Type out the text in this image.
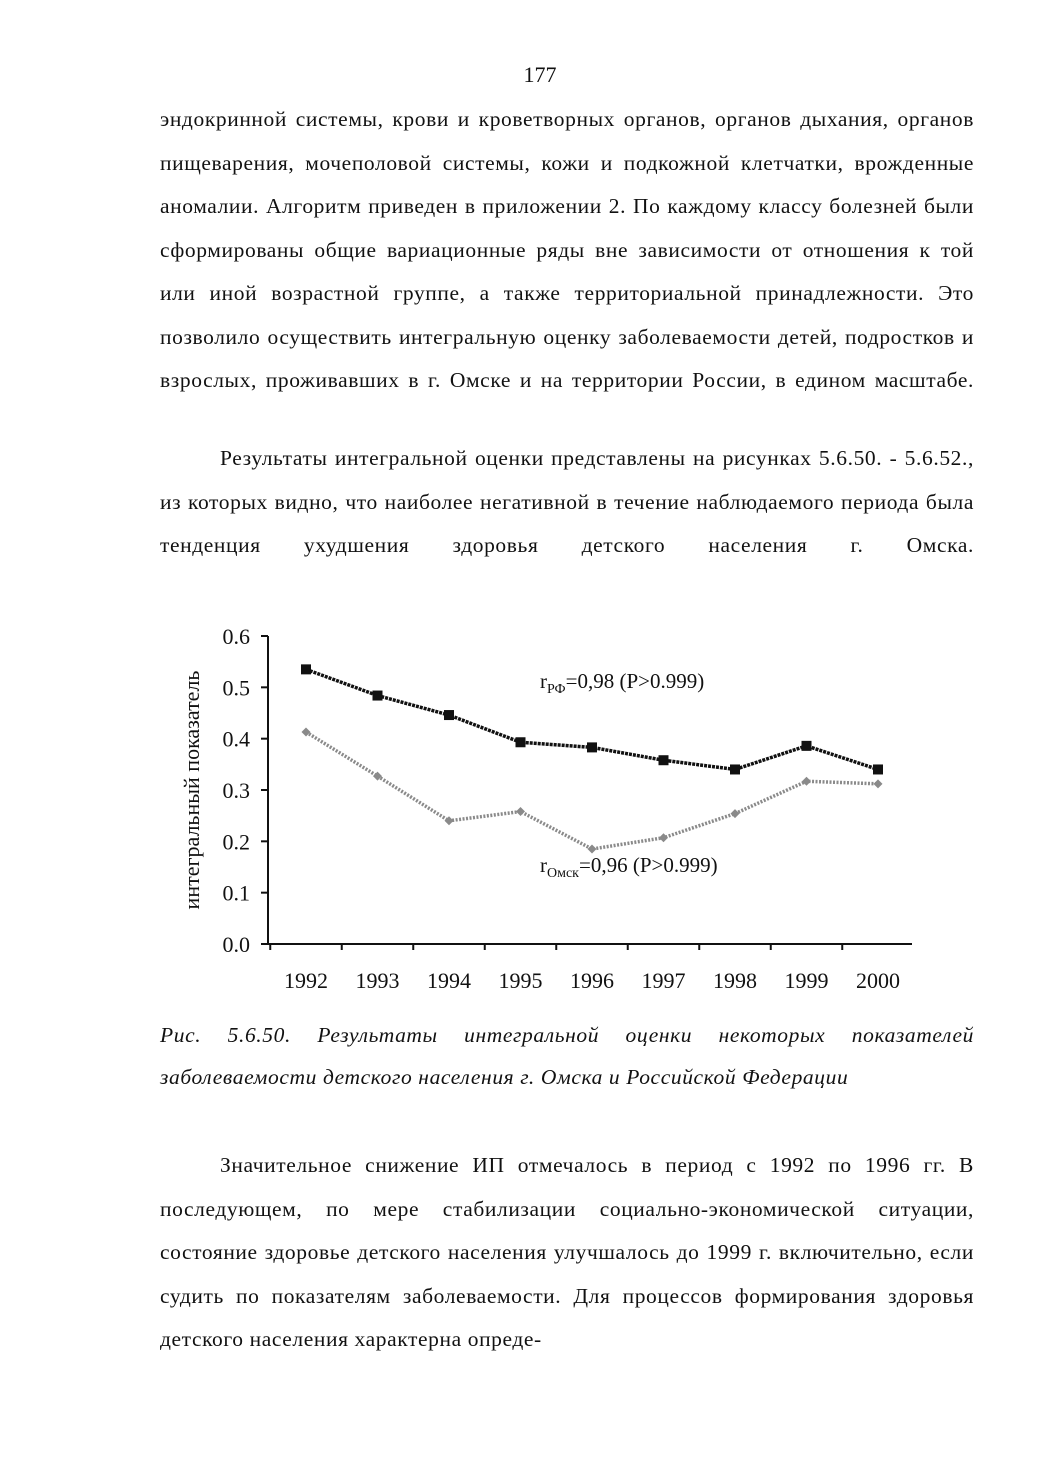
177

эндокринной системы, крови и кроветворных органов, органов дыхания, органов пищеварения, мочеполовой системы, кожи и подкожной клетчатки, врожденные аномалии. Алгоритм приведен в приложении 2. По каждому классу болезней были сформированы общие вариационные ряды вне зависимости от отношения к той или иной возрастной группе, а также территориальной принадлежности. Это позволило осуществить интегральную оценку заболеваемости детей, подростков и взрослых, проживавших в г. Омске и на территории России, в едином масштабе.

Результаты интегральной оценки представлены на рисунках 5.6.50. - 5.6.52., из которых видно, что наиболее негативной в течение наблюдаемого периода была тенденция ухудшения здоровья детского населения г. Омска.

0.0
0.1
0.2
0.3
0.4
0.5
0.6
1992 1993 1994 1995 1996 1997 1998 1999 2000
интегральный показатель	$r_{РФ}=0,98$ (P>0.999)
$r_{Омск}=0,96$ (P>0.999)
Рис. 5.6.50. Результаты интегральной оценки некоторых показателей
заболеваемости детского населения г. Омска и Российской Федерации

Значительное снижение ИП отмечалось в период с 1992 по 1996 гг. В последующем, по мере стабилизации социально-экономической ситуации, состояние здоровье детского населения улучшалось до 1999 г. включительно, если судить по показателям заболеваемости. Для процессов формирования здоровья детского населения характерна опреде-
